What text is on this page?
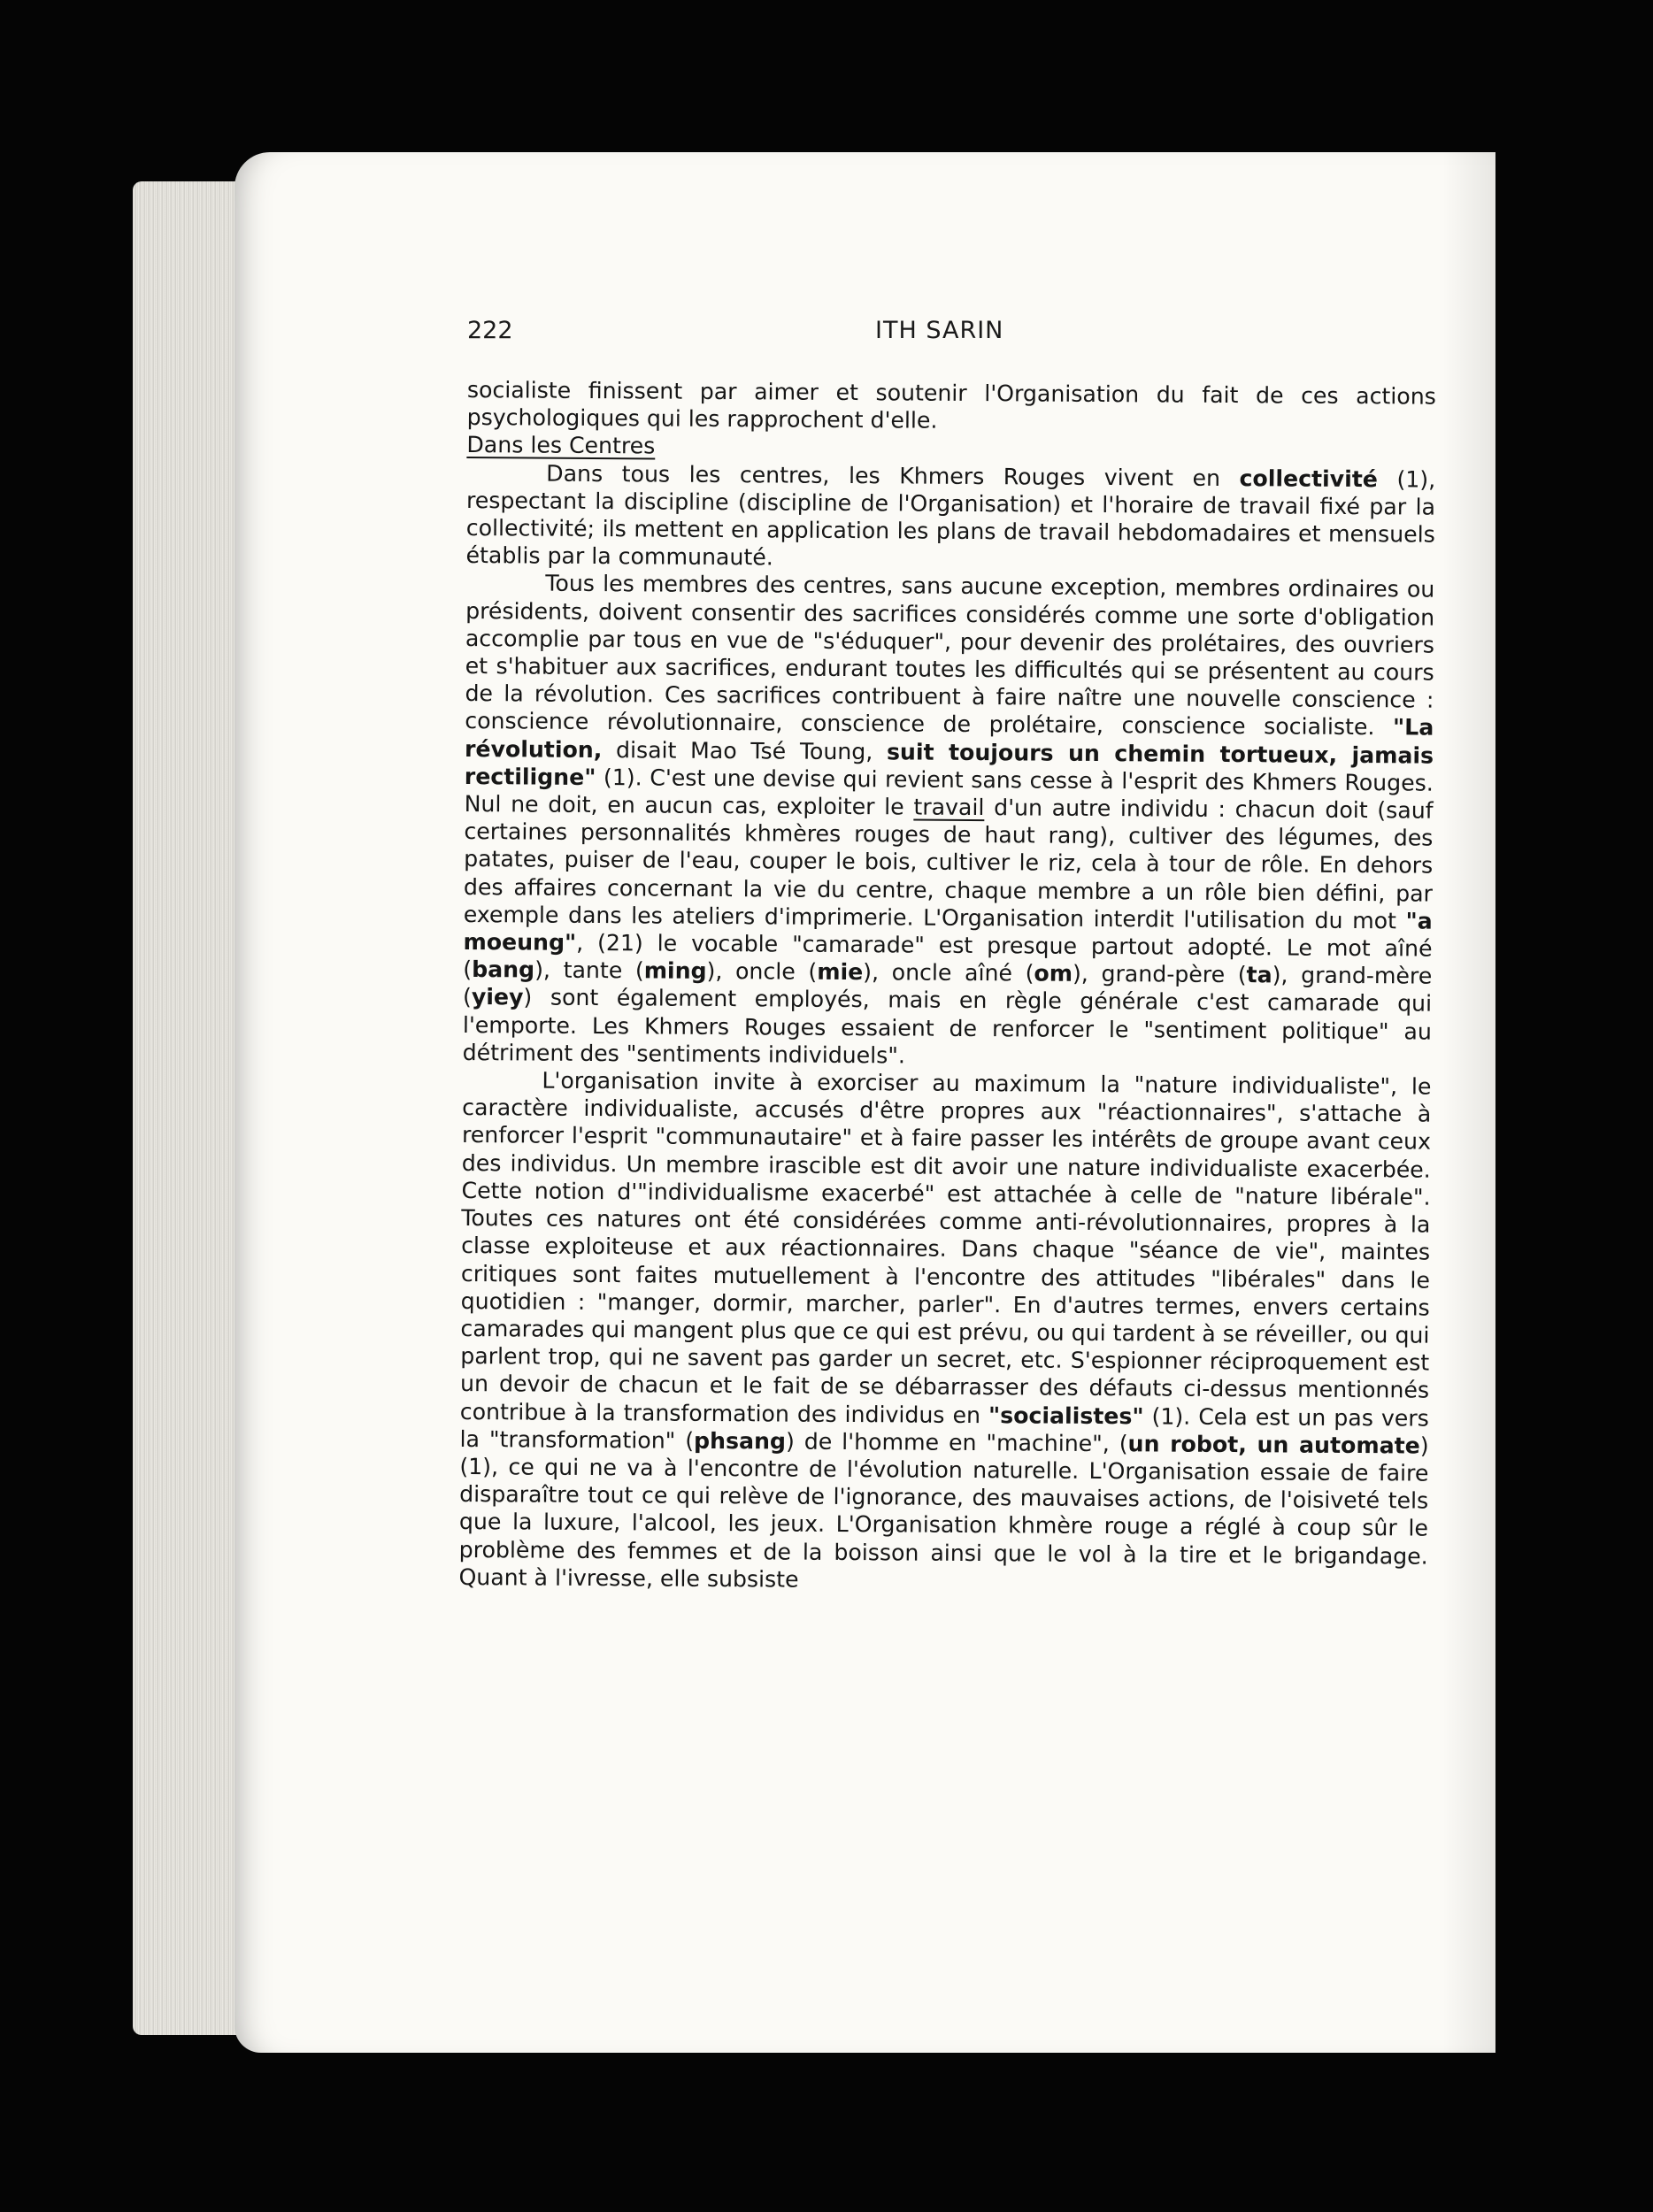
222	ITH SARIN

socialiste finissent par aimer et soutenir l'Organisation du fait de ces actions psychologiques qui les rapprochent d'elle.

Dans les Centres

Dans tous les centres, les Khmers Rouges vivent en collectivité (1), respectant la discipline (discipline de l'Organisation) et l'horaire de travail fixé par la collectivité; ils mettent en application les plans de travail hebdomadaires et mensuels établis par la communauté.

Tous les membres des centres, sans aucune exception, membres ordinaires ou présidents, doivent consentir des sacrifices considérés comme une sorte d'obligation accomplie par tous en vue de "s'éduquer", pour devenir des prolétaires, des ouvriers et s'habituer aux sacrifices, endurant toutes les difficultés qui se présentent au cours de la révolution. Ces sacrifices contribuent à faire naître une nouvelle conscience : conscience révolutionnaire, conscience de prolétaire, conscience socialiste. "La révolution, disait Mao Tsé Toung, suit toujours un chemin tortueux, jamais rectiligne" (1). C'est une devise qui revient sans cesse à l'esprit des Khmers Rouges. Nul ne doit, en aucun cas, exploiter le travail d'un autre individu : chacun doit (sauf certaines personnalités khmères rouges de haut rang), cultiver des légumes, des patates, puiser de l'eau, couper le bois, cultiver le riz, cela à tour de rôle. En dehors des affaires concernant la vie du centre, chaque membre a un rôle bien défini, par exemple dans les ateliers d'imprimerie. L'Organisation interdit l'utilisation du mot "a moeung", (21) le vocable "camarade" est presque partout adopté. Le mot aîné (bang), tante (ming), oncle (mie), oncle aîné (om), grand-père (ta), grand-mère (yiey) sont également employés, mais en règle générale c'est camarade qui l'emporte. Les Khmers Rouges essaient de renforcer le "sentiment politique" au détriment des "sentiments individuels".

L'organisation invite à exorciser au maximum la "nature individualiste", le caractère individualiste, accusés d'être propres aux "réactionnaires", s'attache à renforcer l'esprit "communautaire" et à faire passer les intérêts de groupe avant ceux des individus. Un membre irascible est dit avoir une nature individualiste exacerbée. Cette notion d'"individualisme exacerbé" est attachée à celle de "nature libérale". Toutes ces natures ont été considérées comme anti-révolutionnaires, propres à la classe exploiteuse et aux réactionnaires. Dans chaque "séance de vie", maintes critiques sont faites mutuellement à l'encontre des attitudes "libérales" dans le quotidien : "manger, dormir, marcher, parler". En d'autres termes, envers certains camarades qui mangent plus que ce qui est prévu, ou qui tardent à se réveiller, ou qui parlent trop, qui ne savent pas garder un secret, etc. S'espionner réciproquement est un devoir de chacun et le fait de se débarrasser des défauts ci-dessus mentionnés contribue à la transformation des individus en "socialistes" (1). Cela est un pas vers la "transformation" (phsang) de l'homme en "machine", (un robot, un automate) (1), ce qui ne va à l'encontre de l'évolution naturelle. L'Organisation essaie de faire disparaître tout ce qui relève de l'ignorance, des mauvaises actions, de l'oisiveté tels que la luxure, l'alcool, les jeux. L'Organisation khmère rouge a réglé à coup sûr le problème des femmes et de la boisson ainsi que le vol à la tire et le brigandage. Quant à l'ivresse, elle subsiste
